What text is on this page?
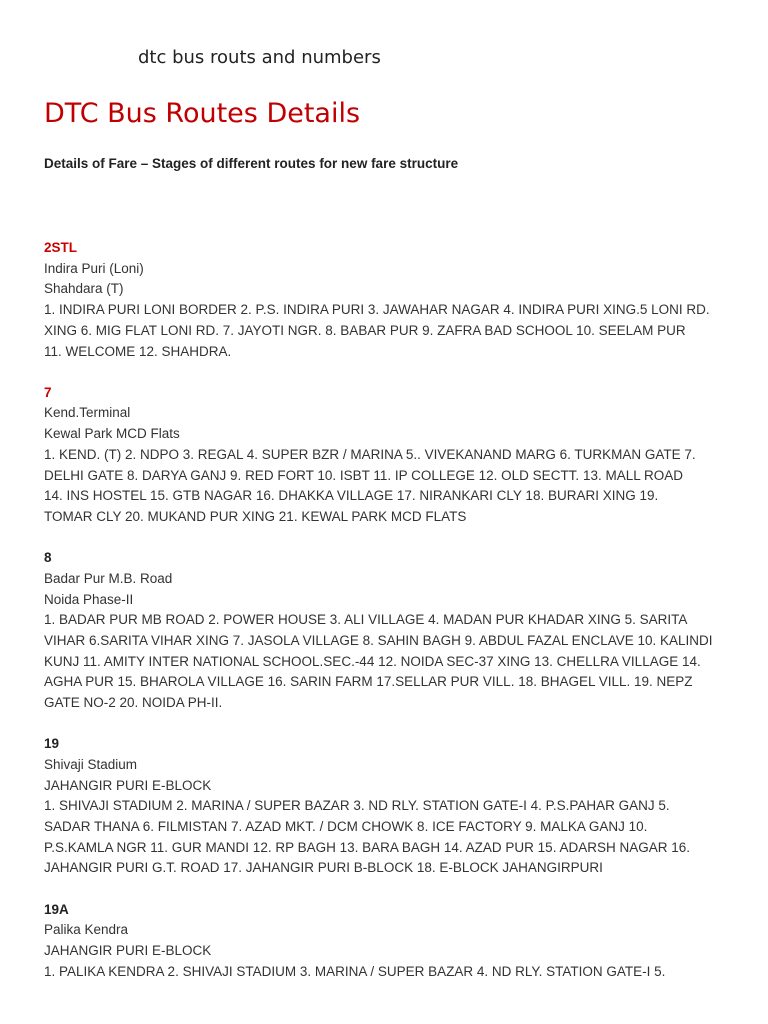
dtc bus routs and numbers
DTC Bus Routes Details
Details of Fare – Stages of different routes for new fare structure
2STL
Indira Puri (Loni)
Shahdara (T)
1. INDIRA PURI LONI BORDER 2. P.S. INDIRA PURI 3. JAWAHAR NAGAR 4. INDIRA PURI XING.5 LONI RD.
XING 6. MIG FLAT LONI RD. 7. JAYOTI NGR. 8. BABAR PUR 9. ZAFRA BAD SCHOOL 10. SEELAM PUR
11. WELCOME 12. SHAHDRA.
7
Kend.Terminal
Kewal Park MCD Flats
1. KEND. (T) 2. NDPO 3. REGAL 4. SUPER BZR / MARINA 5.. VIVEKANAND MARG 6. TURKMAN GATE 7.
DELHI GATE 8. DARYA GANJ 9. RED FORT 10. ISBT 11. IP COLLEGE 12. OLD SECTT. 13. MALL ROAD
14. INS HOSTEL 15. GTB NAGAR 16. DHAKKA VILLAGE 17. NIRANKARI CLY 18. BURARI XING 19.
TOMAR CLY 20. MUKAND PUR XING 21. KEWAL PARK MCD FLATS
8
Badar Pur M.B. Road
Noida Phase-II
1. BADAR PUR MB ROAD 2. POWER HOUSE 3. ALI VILLAGE 4. MADAN PUR KHADAR XING 5. SARITA
VIHAR 6.SARITA VIHAR XING 7. JASOLA VILLAGE 8. SAHIN BAGH 9. ABDUL FAZAL ENCLAVE 10. KALINDI
KUNJ 11. AMITY INTER NATIONAL SCHOOL.SEC.-44 12. NOIDA SEC-37 XING 13. CHELLRA VILLAGE 14.
AGHA PUR 15. BHAROLA VILLAGE 16. SARIN FARM 17.SELLAR PUR VILL. 18. BHAGEL VILL. 19. NEPZ
GATE NO-2 20. NOIDA PH-II.
19
Shivaji Stadium
JAHANGIR PURI E-BLOCK
1. SHIVAJI STADIUM 2. MARINA / SUPER BAZAR 3. ND RLY. STATION GATE-I 4. P.S.PAHAR GANJ 5.
SADAR THANA 6. FILMISTAN 7. AZAD MKT. / DCM CHOWK 8. ICE FACTORY 9. MALKA GANJ 10.
P.S.KAMLA NGR 11. GUR MANDI 12. RP BAGH 13. BARA BAGH 14. AZAD PUR 15. ADARSH NAGAR 16.
JAHANGIR PURI G.T. ROAD 17. JAHANGIR PURI B-BLOCK 18. E-BLOCK JAHANGIRPURI
19A
Palika Kendra
JAHANGIR PURI E-BLOCK
1. PALIKA KENDRA 2. SHIVAJI STADIUM 3. MARINA / SUPER BAZAR 4. ND RLY. STATION GATE-I 5.
